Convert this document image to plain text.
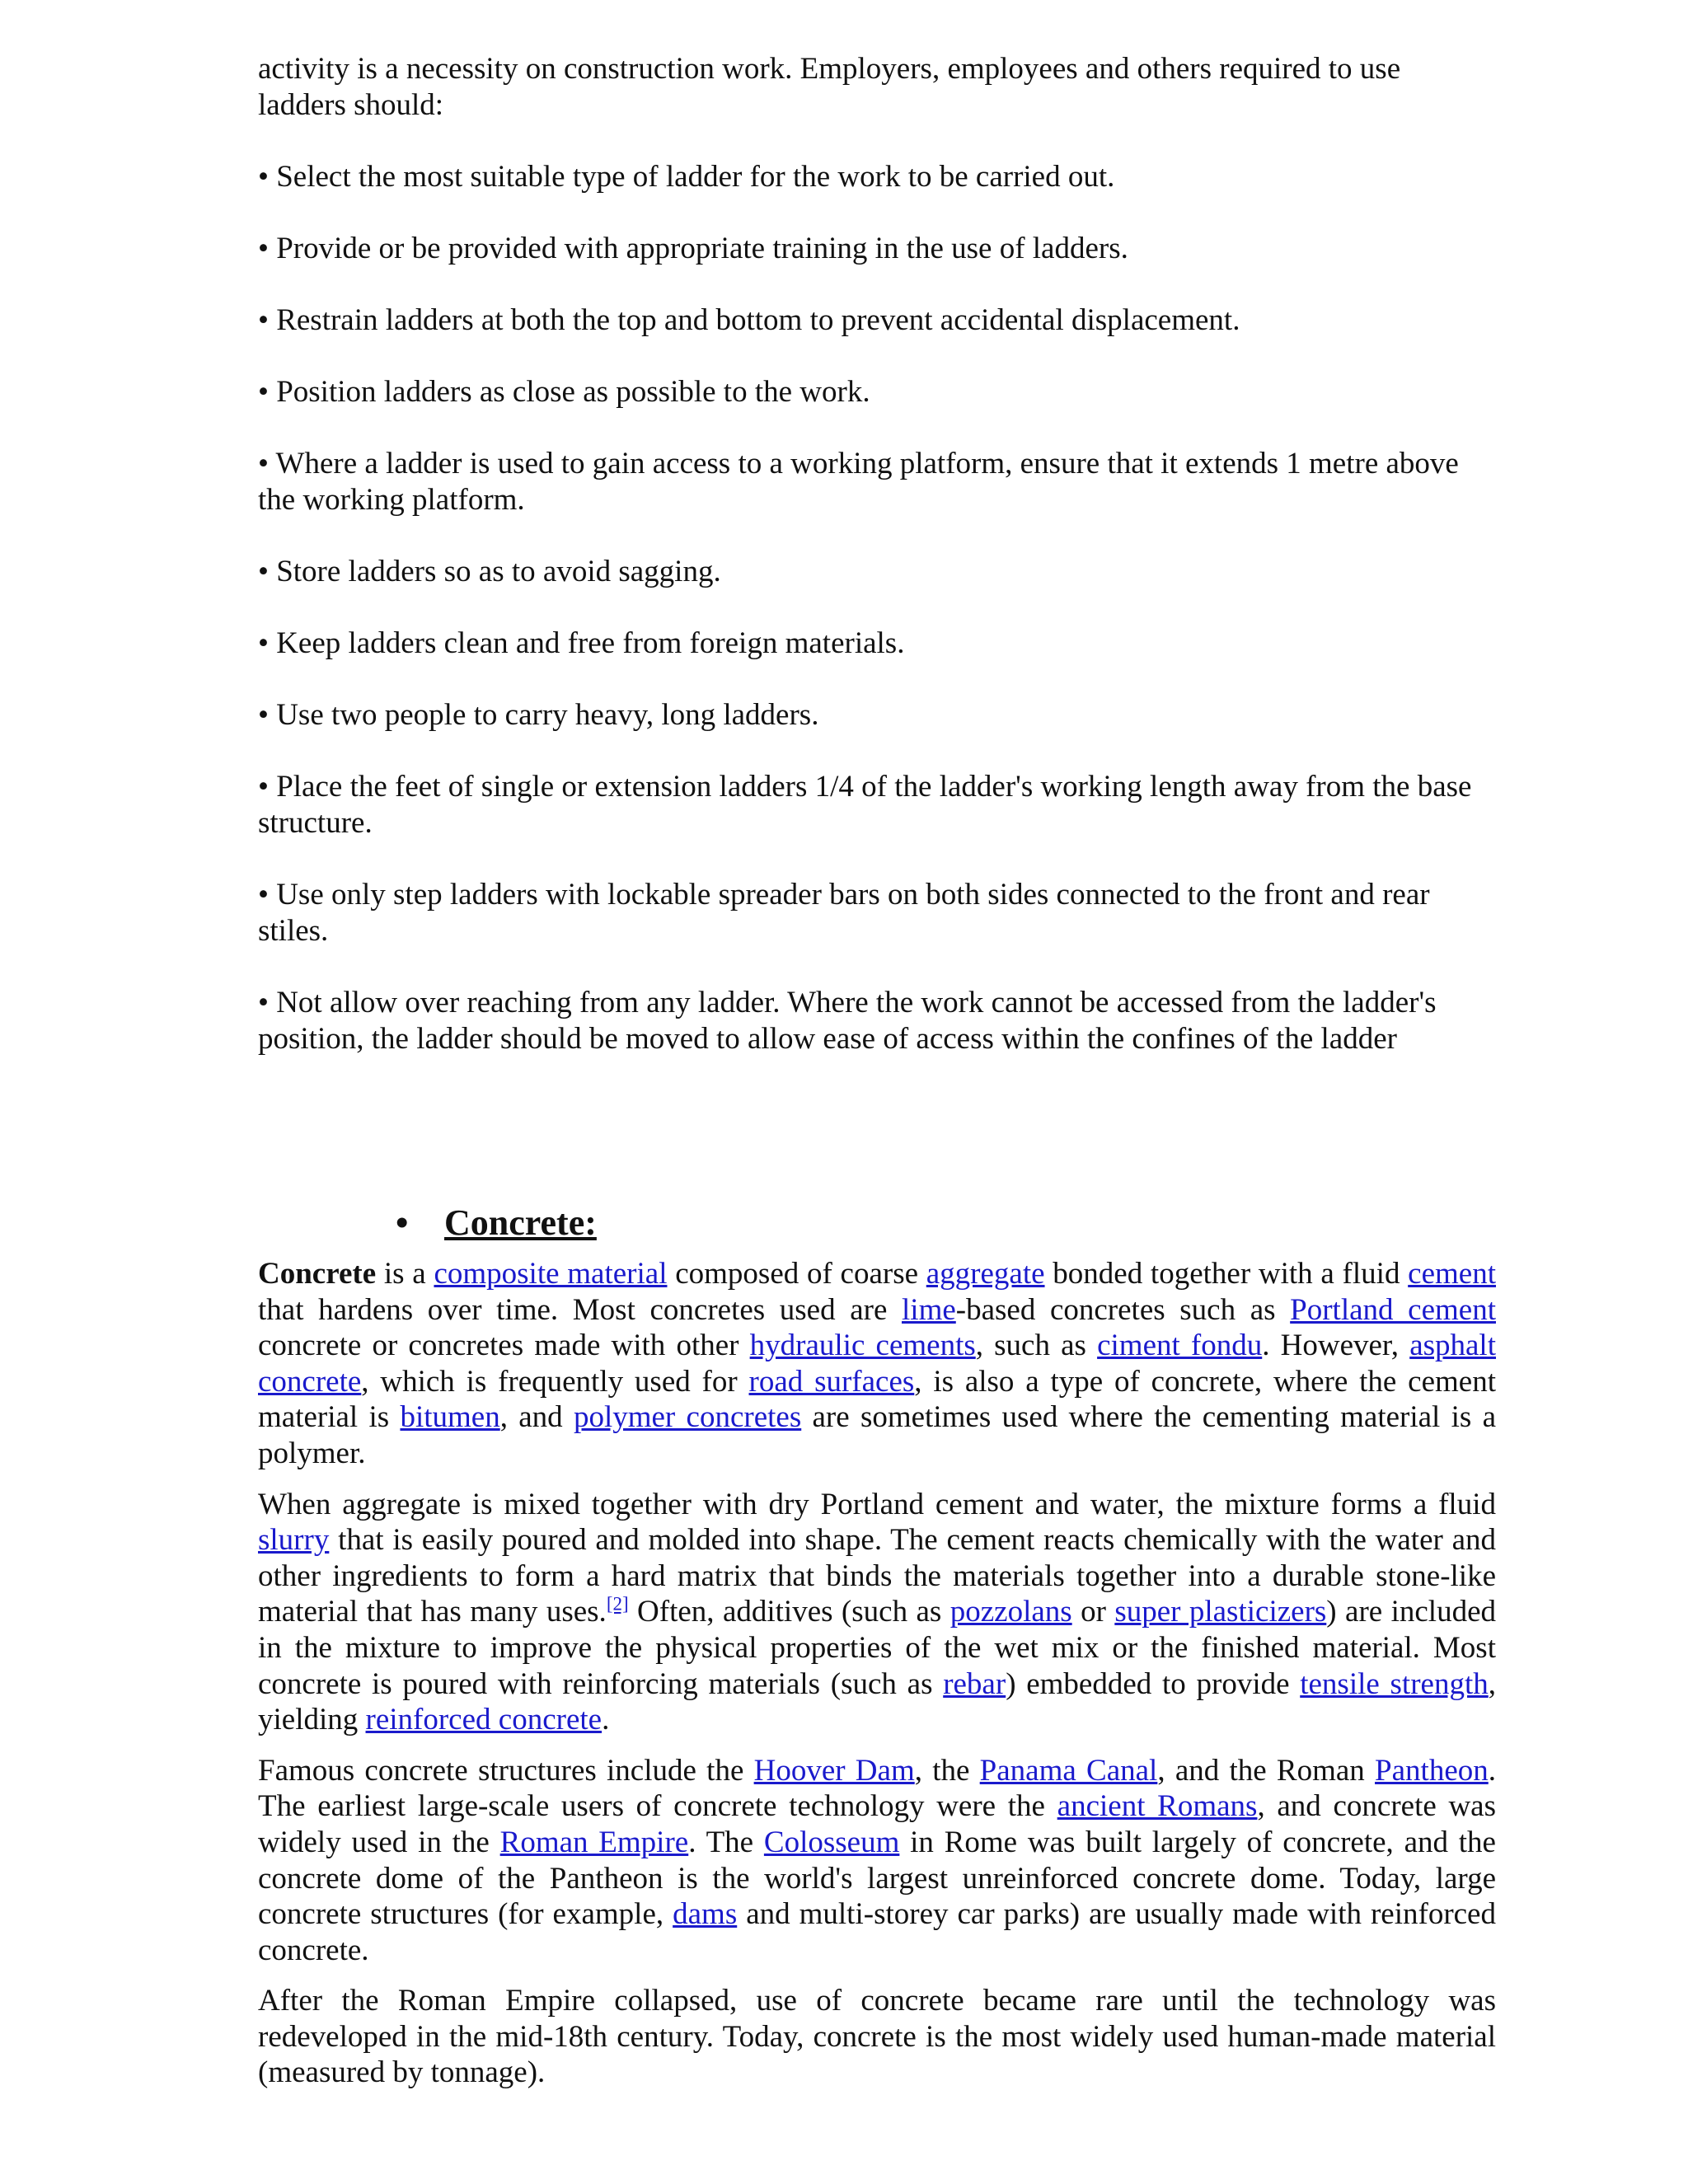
activity is a necessity on construction work. Employers, employees and others required to use ladders should:

• Select the most suitable type of ladder for the work to be carried out.

• Provide or be provided with appropriate training in the use of ladders.

• Restrain ladders at both the top and bottom to prevent accidental displacement.

• Position ladders as close as possible to the work.

• Where a ladder is used to gain access to a working platform, ensure that it extends 1 metre above the working platform.

• Store ladders so as to avoid sagging.

• Keep ladders clean and free from foreign materials.

• Use two people to carry heavy, long ladders.

• Place the feet of single or extension ladders 1/4 of the ladder's working length away from the base structure.

• Use only step ladders with lockable spreader bars on both sides connected to the front and rear stiles.

• Not allow over reaching from any ladder. Where the work cannot be accessed from the ladder's position, the ladder should be moved to allow ease of access within the confines of the ladder

• Concrete:

Concrete is a composite material composed of coarse aggregate bonded together with a fluid cement that hardens over time. Most concretes used are lime-based concretes such as Portland cement concrete or concretes made with other hydraulic cements, such as ciment fondu. However, asphalt concrete, which is frequently used for road surfaces, is also a type of concrete, where the cement material is bitumen, and polymer concretes are sometimes used where the cementing material is a polymer.

When aggregate is mixed together with dry Portland cement and water, the mixture forms a fluid slurry that is easily poured and molded into shape. The cement reacts chemically with the water and other ingredients to form a hard matrix that binds the materials together into a durable stone-like material that has many uses.[2] Often, additives (such as pozzolans or super plasticizers) are included in the mixture to improve the physical properties of the wet mix or the finished material. Most concrete is poured with reinforcing materials (such as rebar) embedded to provide tensile strength, yielding reinforced concrete.

Famous concrete structures include the Hoover Dam, the Panama Canal, and the Roman Pantheon. The earliest large-scale users of concrete technology were the ancient Romans, and concrete was widely used in the Roman Empire. The Colosseum in Rome was built largely of concrete, and the concrete dome of the Pantheon is the world's largest unreinforced concrete dome. Today, large concrete structures (for example, dams and multi-storey car parks) are usually made with reinforced concrete.

After the Roman Empire collapsed, use of concrete became rare until the technology was redeveloped in the mid-18th century. Today, concrete is the most widely used human-made material (measured by tonnage).
